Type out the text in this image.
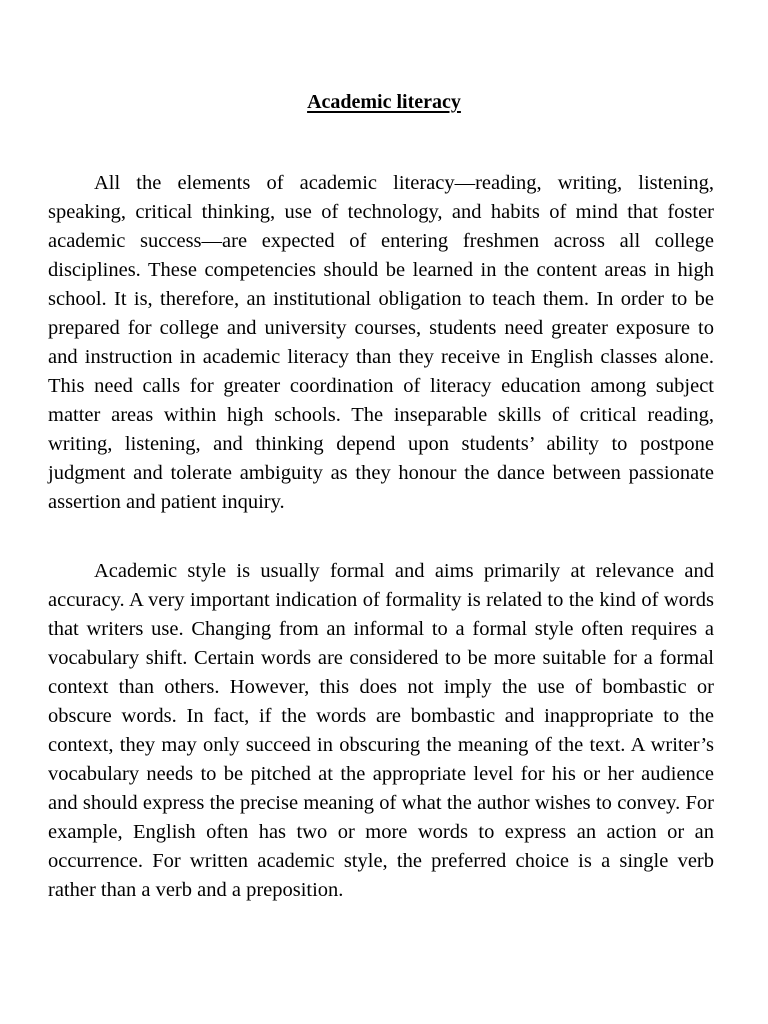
Academic literacy

All the elements of academic literacy—reading, writing, listening, speaking, critical thinking, use of technology, and habits of mind that foster academic success—are expected of entering freshmen across all college disciplines. These competencies should be learned in the content areas in high school. It is, therefore, an institutional obligation to teach them. In order to be prepared for college and university courses, students need greater exposure to and instruction in academic literacy than they receive in English classes alone. This need calls for greater coordination of literacy education among subject matter areas within high schools. The inseparable skills of critical reading, writing, listening, and thinking depend upon students’ ability to postpone judgment and tolerate ambiguity as they honour the dance between passionate assertion and patient inquiry.

Academic style is usually formal and aims primarily at relevance and accuracy. A very important indication of formality is related to the kind of words that writers use. Changing from an informal to a formal style often requires a vocabulary shift. Certain words are considered to be more suitable for a formal context than others. However, this does not imply the use of bombastic or obscure words. In fact, if the words are bombastic and inappropriate to the context, they may only succeed in obscuring the meaning of the text. A writer’s vocabulary needs to be pitched at the appropriate level for his or her audience and should express the precise meaning of what the author wishes to convey. For example, English often has two or more words to express an action or an occurrence. For written academic style, the preferred choice is a single verb rather than a verb and a preposition.
